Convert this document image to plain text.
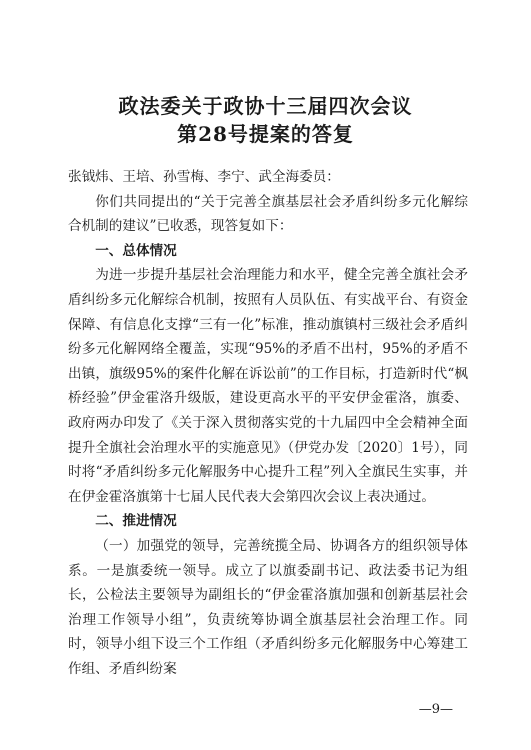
政法委关于政协十三届四次会议
第28号提案的答复

张钺炜、王培、孙雪梅、李宁、武全海委员：

你们共同提出的“关于完善全旗基层社会矛盾纠纷多元化解综合机制的建议”已收悉，现答复如下：

一、总体情况

为进一步提升基层社会治理能力和水平，健全完善全旗社会矛盾纠纷多元化解综合机制，按照有人员队伍、有实战平台、有资金保障、有信息化支撑“三有一化”标准，推动旗镇村三级社会矛盾纠纷多元化解网络全覆盖，实现“95%的矛盾不出村，95%的矛盾不出镇，旗级95%的案件化解在诉讼前”的工作目标，打造新时代“枫桥经验”伊金霍洛升级版，建设更高水平的平安伊金霍洛，旗委、政府两办印发了《关于深入贯彻落实党的十九届四中全会精神全面提升全旗社会治理水平的实施意见》（伊党办发〔2020〕1号），同时将“矛盾纠纷多元化解服务中心提升工程”列入全旗民生实事，并在伊金霍洛旗第十七届人民代表大会第四次会议上表决通过。

二、推进情况

（一）加强党的领导，完善统揽全局、协调各方的组织领导体系。一是旗委统一领导。成立了以旗委副书记、政法委书记为组长，公检法主要领导为副组长的“伊金霍洛旗加强和创新基层社会治理工作领导小组”，负责统筹协调全旗基层社会治理工作。同时，领导小组下设三个工作组（矛盾纠纷多元化解服务中心筹建工作组、矛盾纠纷案

—9—
